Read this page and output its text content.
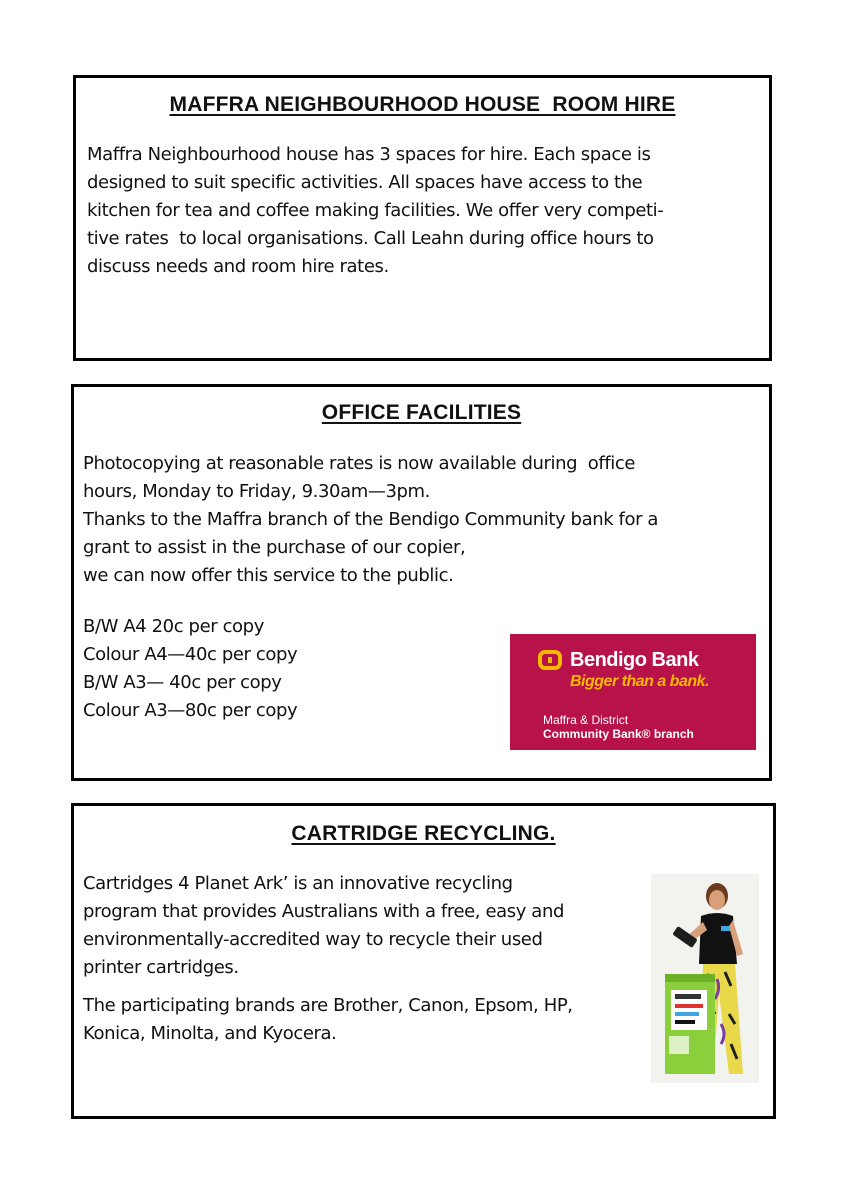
MAFFRA NEIGHBOURHOOD HOUSE  ROOM HIRE

Maffra Neighbourhood house has 3 spaces for hire. Each space is
designed to suit specific activities. All spaces have access to the
kitchen for tea and coffee making facilities. We offer very competi-
tive rates  to local organisations. Call Leahn during office hours to
discuss needs and room hire rates.

OFFICE FACILITIES

Photocopying at reasonable rates is now available during  office
hours, Monday to Friday, 9.30am—3pm.
Thanks to the Maffra branch of the Bendigo Community bank for a
grant to assist in the purchase of our copier,
we can now offer this service to the public.

B/W A4 20c per copy
Colour A4—40c per copy
B/W A3— 40c per copy
Colour A3—80c per copy
Bendigo Bank
Bigger than a bank.
Maffra & District
Community Bank® branch
CARTRIDGE RECYCLING.

Cartridges 4 Planet Ark’ is an innovative recycling
program that provides Australians with a free, easy and
environmentally-accredited way to recycle their used
printer cartridges.

The participating brands are Brother, Canon, Epsom, HP,
Konica, Minolta, and Kyocera.
